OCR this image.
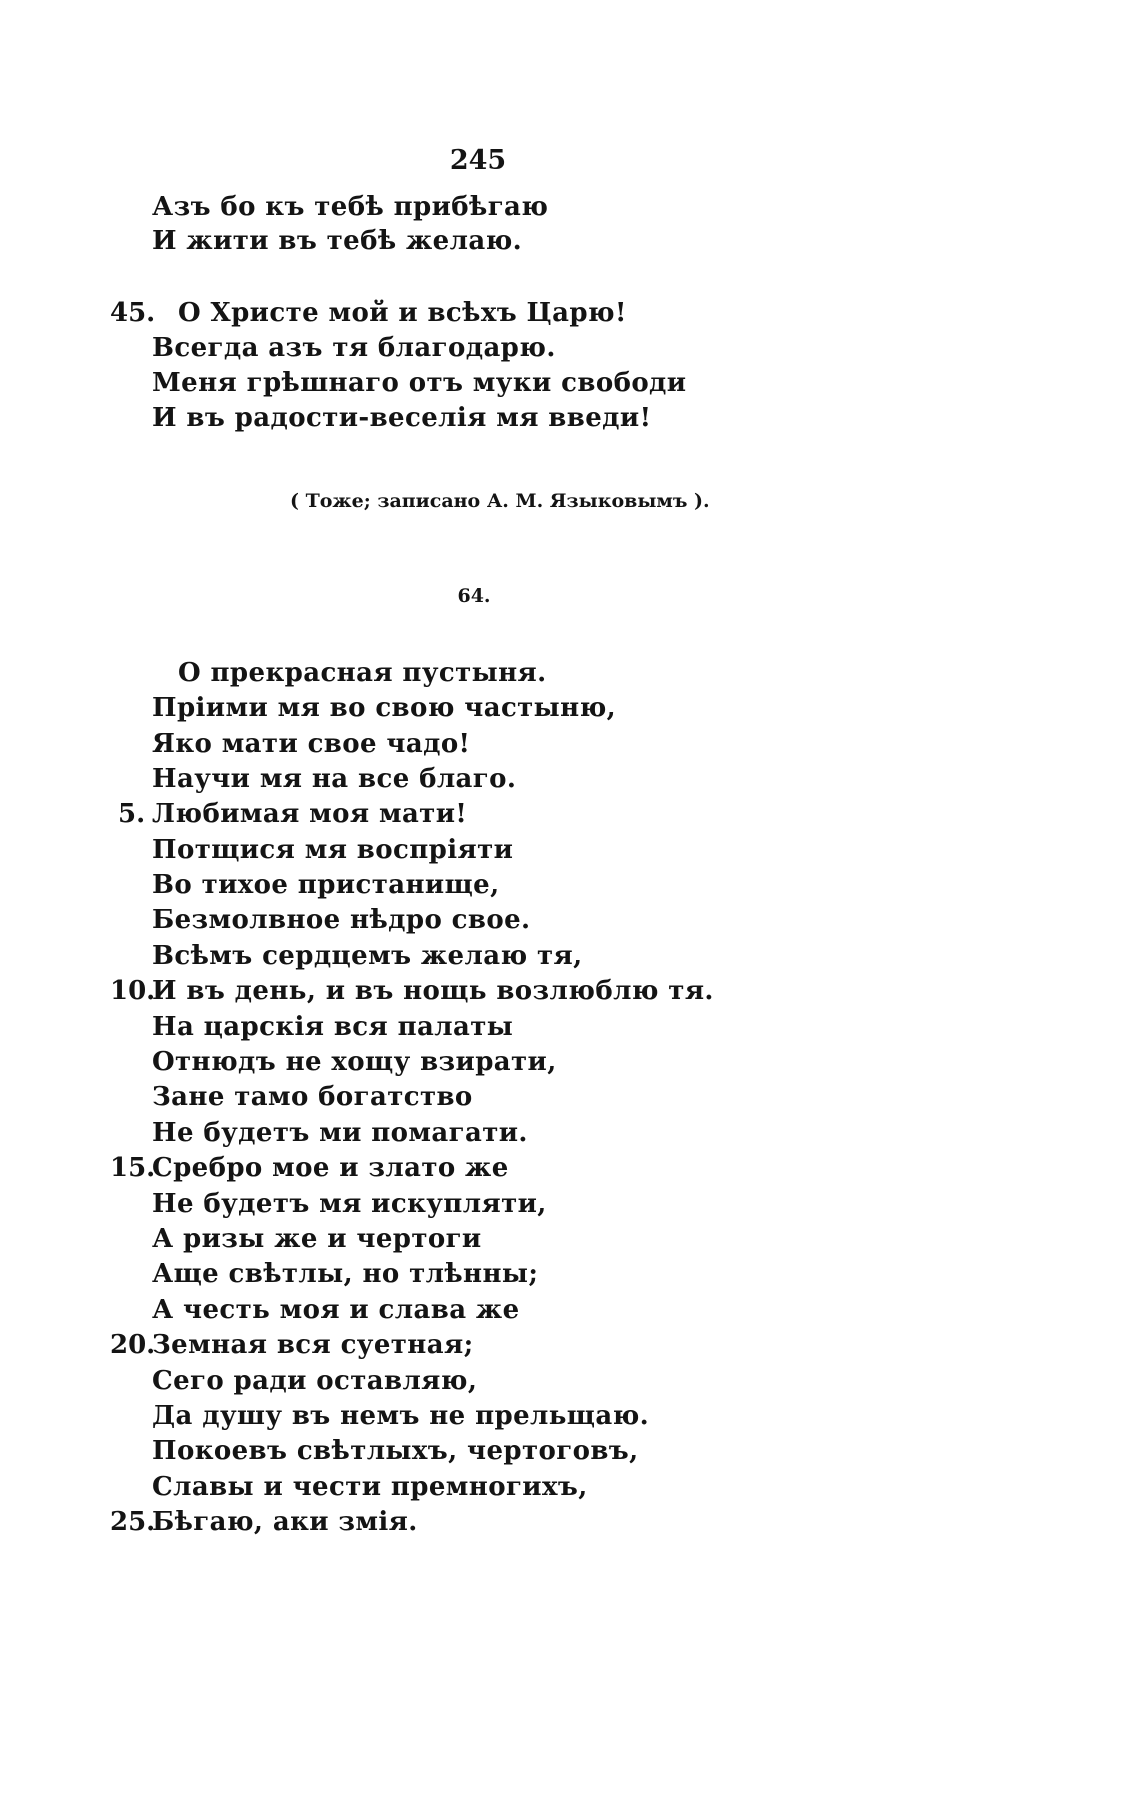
245
Азъ бо къ тебѣ прибѣгаю
И жити въ тебѣ желаю.
45. О Христе мой и всѣхъ Царю!
Всегда азъ тя благодарю.
Меня грѣшнаго отъ муки свободи
И въ радости-веселія мя введи!
( Тоже; записано А. М. Языковымъ ).
64.
О прекрасная пустыня.
Пріими мя во свою частыню,
Яко мати свое чадо!
Научи мя на все благо.
5. Любимая моя мати!
Потщися мя воспріяти
Во тихое пристанище,
Безмолвное нѣдро свое.
Всѣмъ сердцемъ желаю тя,
10.
И въ день, и въ нощь возлюблю тя.
На царскія вся палаты
Отнюдъ не хощу взирати,
Зане тамо богатство
Не будетъ ми помагати.
15.
Сребро мое и злато же
Не будетъ мя искупляти,
А ризы же и чертоги
Аще свѣтлы, но тлѣнны;
А честь моя и слава же
20.
Земная вся суетная;
Сего ради оставляю,
Да душу въ немъ не прельщаю.
Покоевъ свѣтлыхъ, чертоговъ,
Славы и чести премногихъ,
25.
Бѣгаю, аки змія.
